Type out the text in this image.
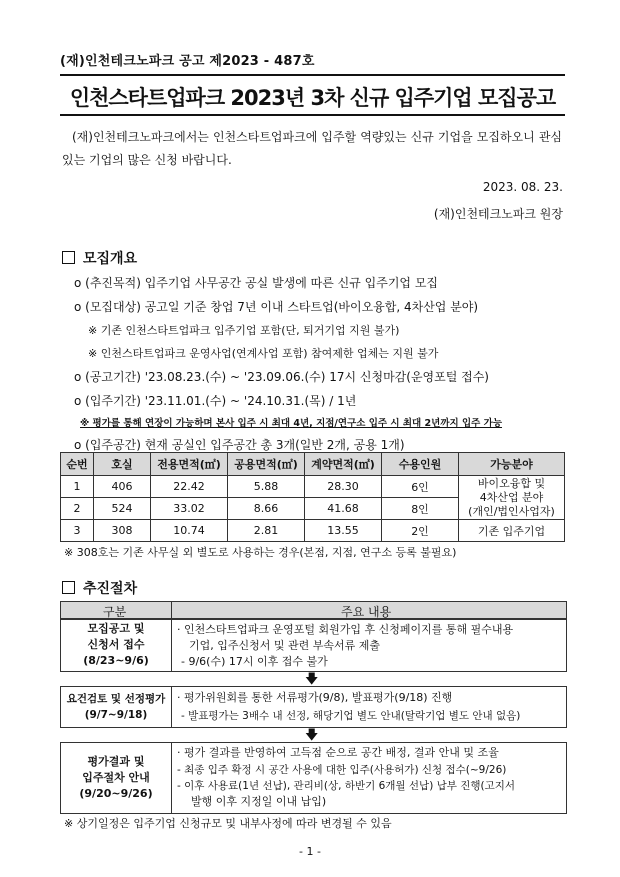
(재)인천테크노파크 공고 제2023 - 487호
인천스타트업파크 2023년 3차 신규 입주기업 모집공고
(재)인천테크노파크에서는 인천스타트업파크에 입주할 역량있는 신규 기업을 모집하오니 관심 있는 기업의 많은 신청 바랍니다.
2023. 08. 23.
(재)인천테크노파크 원장
모집개요
o (추진목적) 입주기업 사무공간 공실 발생에 따른 신규 입주기업 모집
o (모집대상) 공고일 기준 창업 7년 이내 스타트업(바이오융합, 4차산업 분야)
※ 기존 인천스타트업파크 입주기업 포함(단, 퇴거기업 지원 불가)
※ 인천스타트업파크 운영사업(연계사업 포함) 참여제한 업체는 지원 불가
o (공고기간) '23.08.23.(수) ~ '23.09.06.(수) 17시 신청마감(운영포털 접수)
o (입주기간) '23.11.01.(수) ~ '24.10.31.(목) / 1년
※ 평가를 통해 연장이 가능하며 본사 입주 시 최대 4년, 지점/연구소 입주 시 최대 2년까지 입주 가능
o (입주공간) 현재 공실인 입주공간 총 3개(일반 2개, 공용 1개)
순번	호실	전용면적(㎡)	공용면적(㎡)	계약면적(㎡)	수용인원	가능분야
1	406	22.42	5.88	28.30	6인	바이오융합 및
4차산업 분야
(개인/법인사업자)

2	524	33.02	8.66	41.68	8인	
3	308	10.74	2.81	13.55	2인	기존 입주기업
※ 308호는 기존 사무실 외 별도로 사용하는 경우(본점, 지점, 연구소 등록 불필요)
추진절차
구분	주요 내용
모집공고 및
신청서 접수
(8/23~9/6)
· 인천스타트업파크 운영포털 회원가입 후 신청페이지를 통해 필수내용
기업, 입주신청서 및 관련 부속서류 제출
- 9/6(수) 17시 이후 접수 불가
🡇
요건검토 및 선정평가
(9/7~9/18)
· 평가위원회를 통한 서류평가(9/8), 발표평가(9/18) 진행
- 발표평가는 3배수 내 선정, 해당기업 별도 안내(탈락기업 별도 안내 없음)
🡇
평가결과 및
입주절차 안내
(9/20~9/26)
· 평가 결과를 반영하여 고득점 순으로 공간 배정, 결과 안내 및 조율
- 최종 입주 확정 시 공간 사용에 대한 입주(사용허가) 신청 접수(~9/26)
- 이후 사용료(1년 선납), 관리비(상, 하반기 6개월 선납) 납부 진행(고지서
발행 이후 지정일 이내 납입)
※ 상기일정은 입주기업 신청규모 및 내부사정에 따라 변경될 수 있음
- 1 -
